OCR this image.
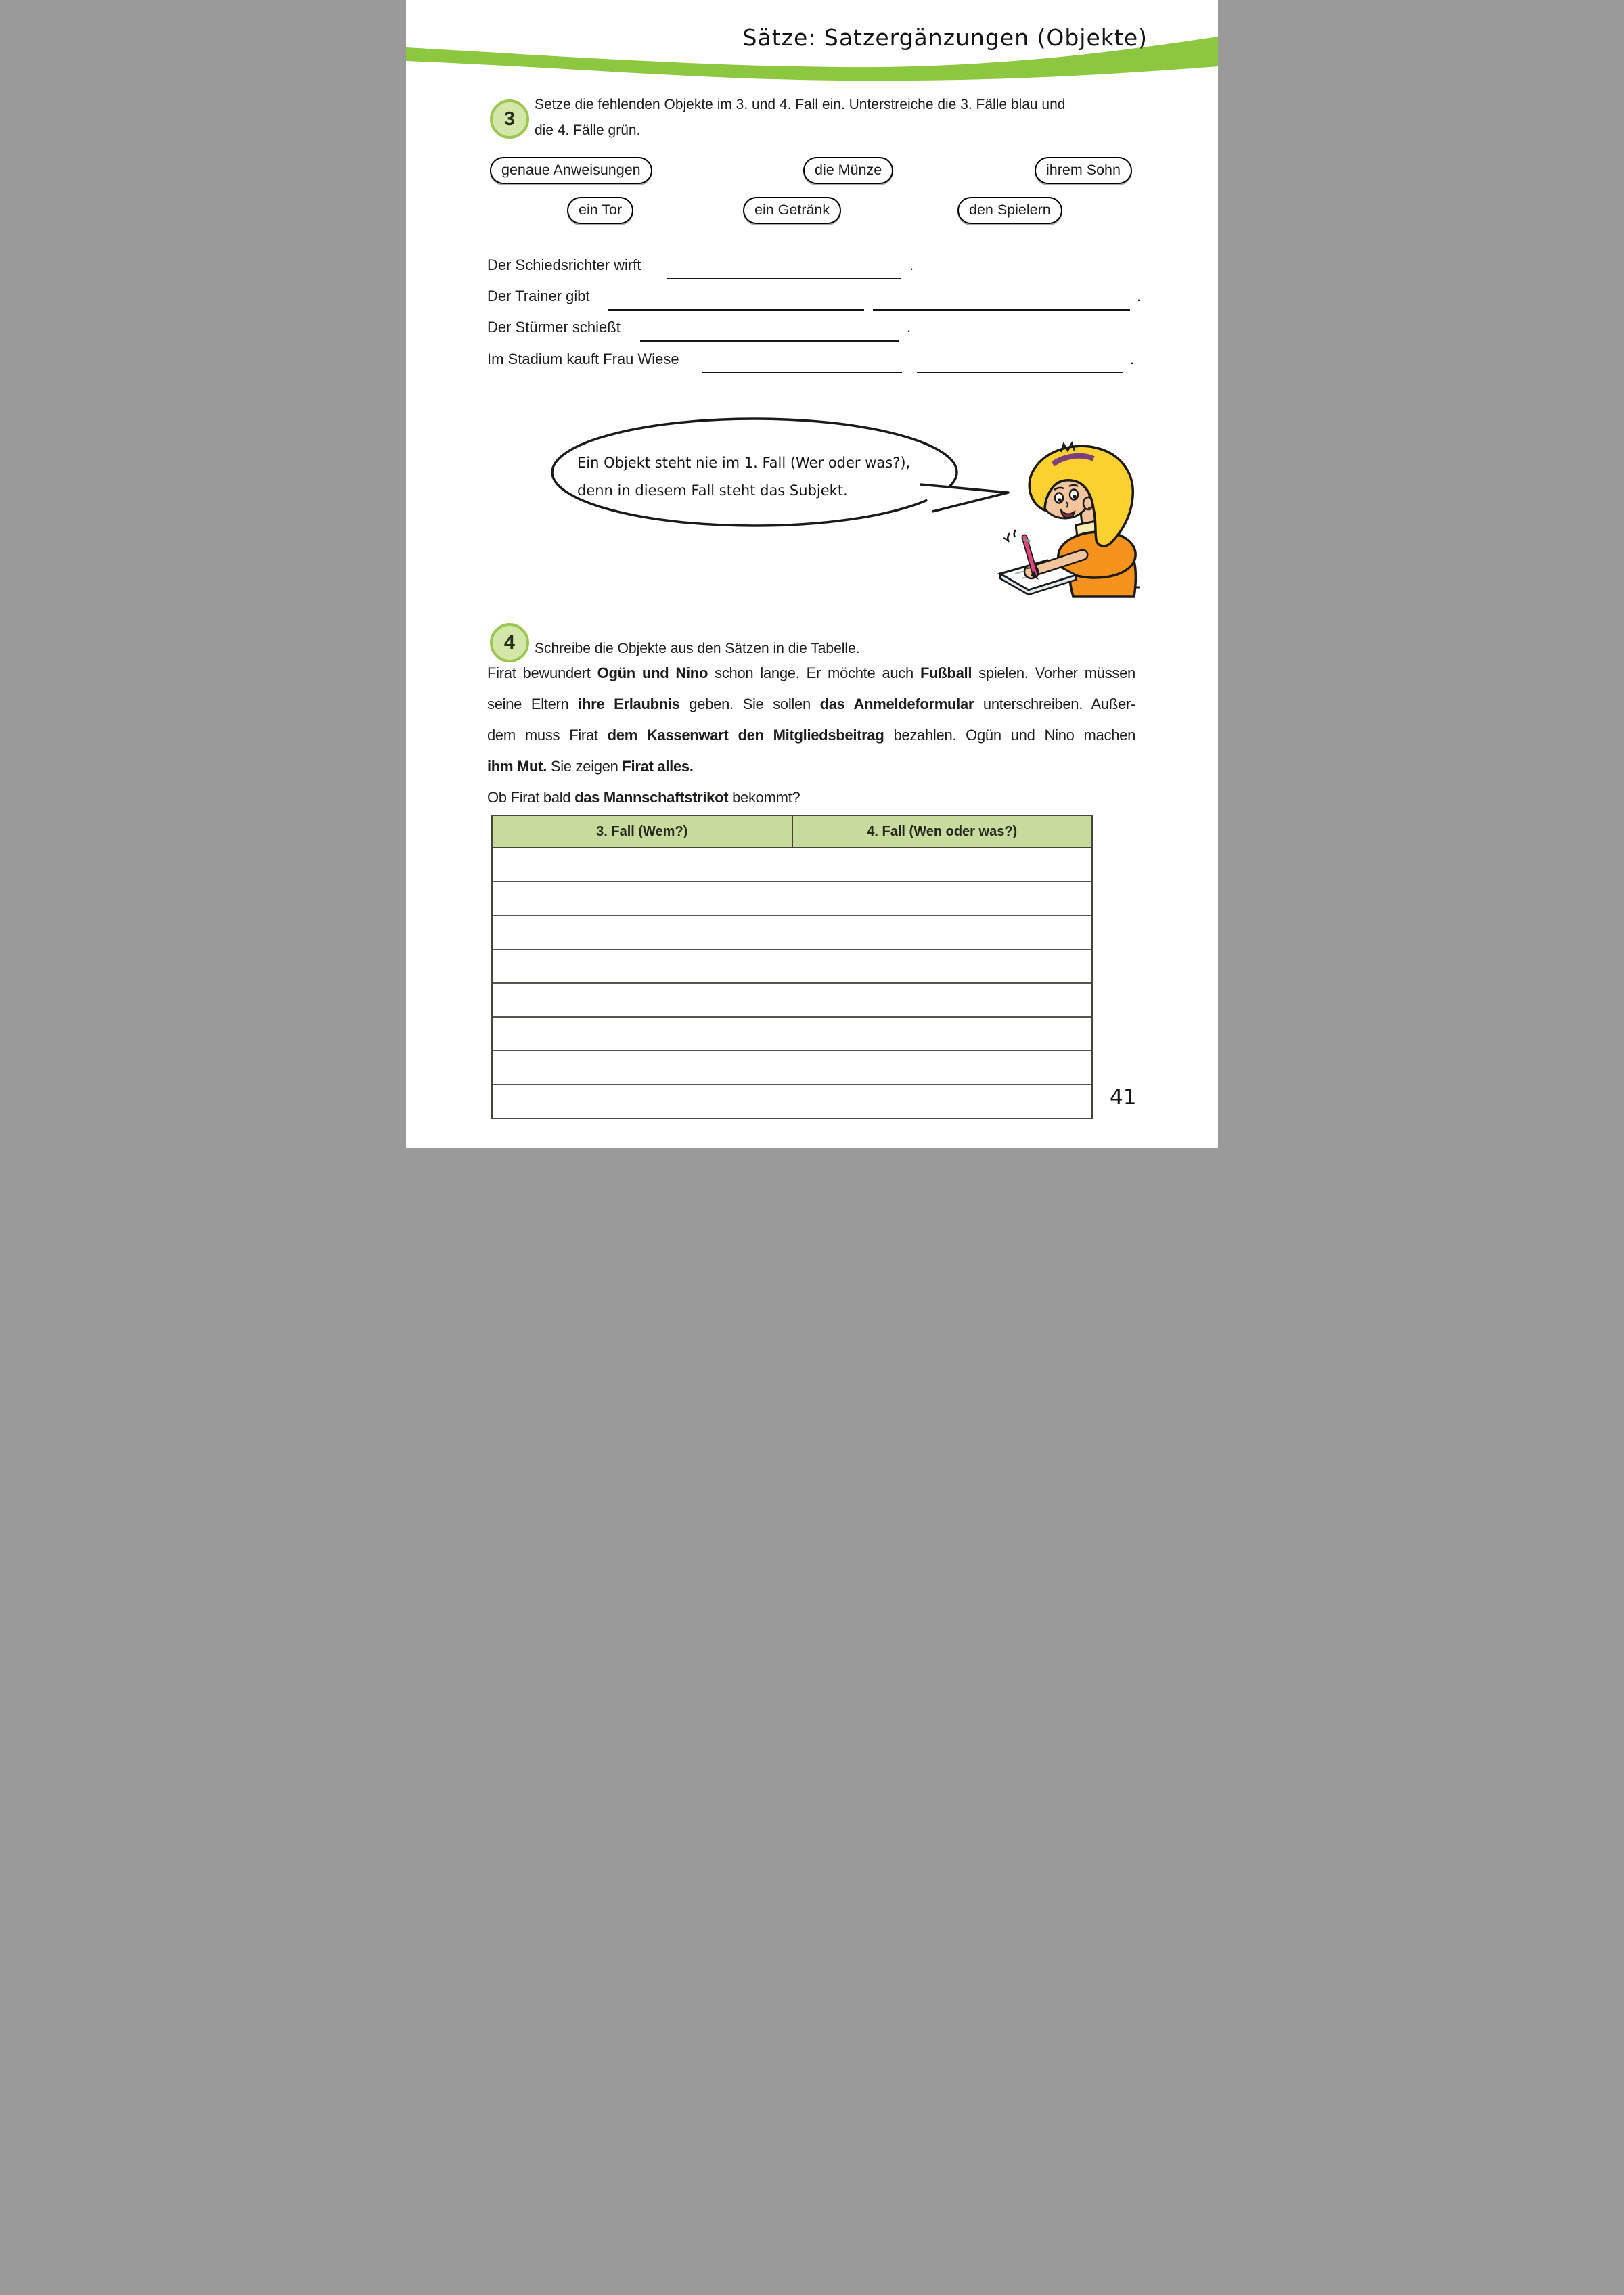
Sätze: Satzergänzungen (Objekte)
3
Setze die fehlenden Objekte im 3. und 4. Fall ein. Unterstreiche die 3. Fälle blau und
die 4. Fälle grün.
genaue Anweisungen	die Münze	ihrem Sohn
ein Tor	ein Getränk	den Spielern
Der Schiedsrichter wirft	.
Der Trainer gibt	.
Der Stürmer schießt	.
Im Stadium kauft Frau Wiese	.
Ein Objekt steht nie im 1. Fall (Wer oder was?),
denn in diesem Fall steht das Subjekt.
4 Schreibe die Objekte aus den Sätzen in die Tabelle.
Firat bewundert Ogün und Nino schon lange. Er möchte auch Fußball spielen. Vorher müssen
seine Eltern ihre Erlaubnis geben. Sie sollen das Anmeldeformular unterschreiben. Außer-
dem muss Firat dem Kassenwart den Mitgliedsbeitrag bezahlen. Ogün und Nino machen
ihm Mut. Sie zeigen Firat alles.
Ob Firat bald das Mannschaftstrikot bekommt?
3. Fall (Wem?)	4. Fall (Wen oder was?)

41
